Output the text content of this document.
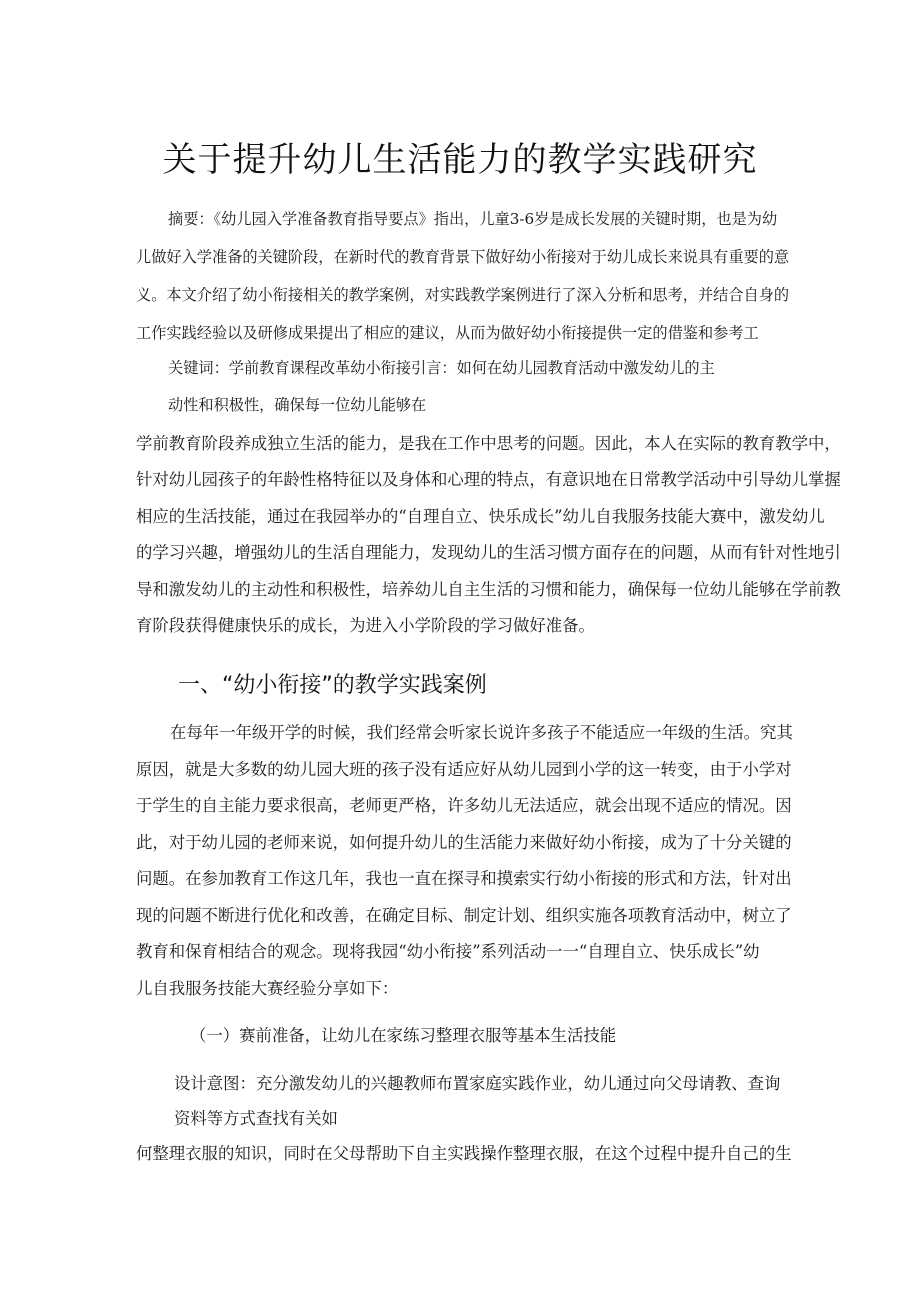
关于提升幼儿生活能力的教学实践研究

摘要：《幼儿园入学准备教育指导要点》指出，儿童3-6岁是成长发展的关键时期，也是为幼

儿做好入学准备的关键阶段，在新时代的教育背景下做好幼小衔接对于幼儿成长来说具有重要的意

义。本文介绍了幼小衔接相关的教学案例，对实践教学案例进行了深入分析和思考，并结合自身的

工作实践经验以及研修成果提出了相应的建议，从而为做好幼小衔接提供一定的借鉴和参考工

关键词：学前教育课程改革幼小衔接引言：如何在幼儿园教育活动中激发幼儿的主

动性和积极性，确保每一位幼儿能够在

学前教育阶段养成独立生活的能力，是我在工作中思考的问题。因此，本人在实际的教育教学中，

针对幼儿园孩子的年龄性格特征以及身体和心理的特点，有意识地在日常教学活动中引导幼儿掌握

相应的生活技能，通过在我园举办的“自理自立、快乐成长”幼儿自我服务技能大赛中，激发幼儿

的学习兴趣，增强幼儿的生活自理能力，发现幼儿的生活习惯方面存在的问题，从而有针对性地引

导和激发幼儿的主动性和积极性，培养幼儿自主生活的习惯和能力，确保每一位幼儿能够在学前教

育阶段获得健康快乐的成长，为进入小学阶段的学习做好准备。

一、“幼小衔接”的教学实践案例

在每年一年级开学的时候，我们经常会听家长说许多孩子不能适应一年级的生活。究其

原因，就是大多数的幼儿园大班的孩子没有适应好从幼儿园到小学的这一转变，由于小学对

于学生的自主能力要求很高，老师更严格，许多幼儿无法适应，就会出现不适应的情况。因

此，对于幼儿园的老师来说，如何提升幼儿的生活能力来做好幼小衔接，成为了十分关键的

问题。在参加教育工作这几年，我也一直在探寻和摸索实行幼小衔接的形式和方法，针对出

现的问题不断进行优化和改善，在确定目标、制定计划、组织实施各项教育活动中，树立了

教育和保育相结合的观念。现将我园“幼小衔接”系列活动一一“自理自立、快乐成长”幼

儿自我服务技能大赛经验分享如下：

（一）赛前准备，让幼儿在家练习整理衣服等基本生活技能

设计意图：充分激发幼儿的兴趣教师布置家庭实践作业，幼儿通过向父母请教、查询

资料等方式查找有关如

何整理衣服的知识，同时在父母帮助下自主实践操作整理衣服，在这个过程中提升自己的生
